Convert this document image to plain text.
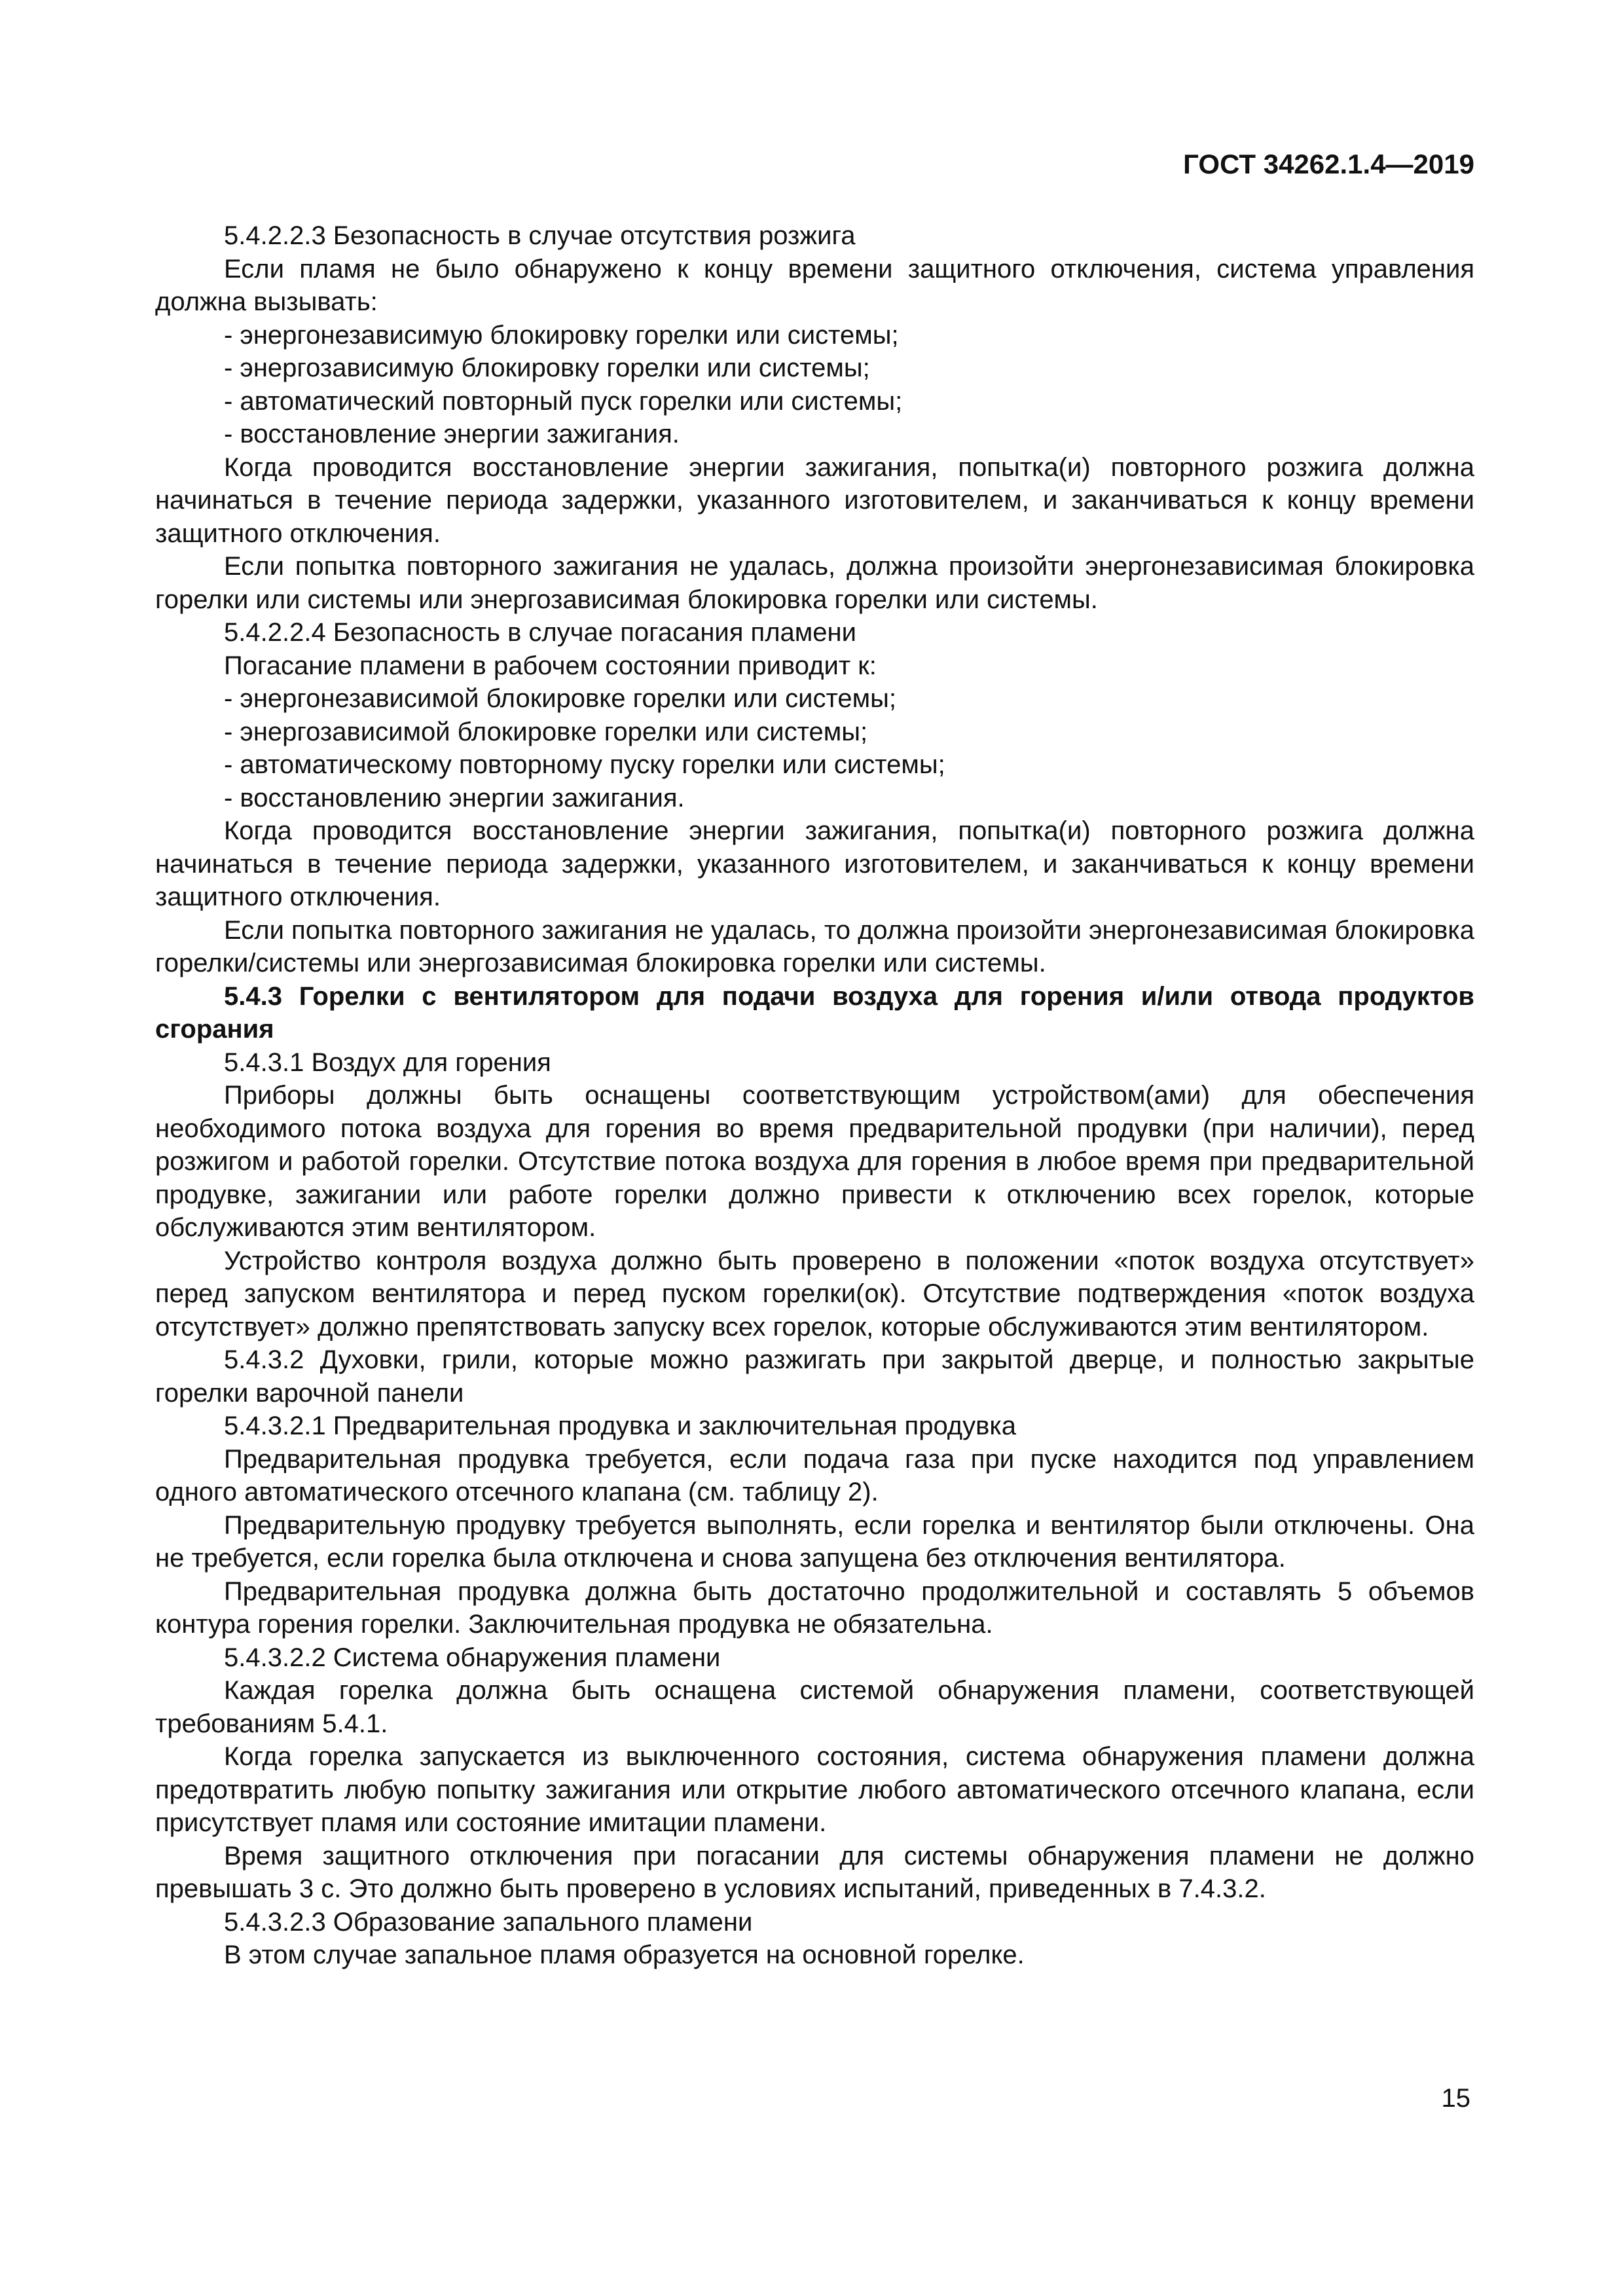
ГОСТ 34262.1.4—2019
5.4.2.2.3 Безопасность в случае отсутствия розжига
Если пламя не было обнаружено к концу времени защитного отключения, система управления должна вызывать:
- энергонезависимую блокировку горелки или системы;
- энергозависимую блокировку горелки или системы;
- автоматический повторный пуск горелки или системы;
- восстановление энергии зажигания.
Когда проводится восстановление энергии зажигания, попытка(и) повторного розжига должна начинаться в течение периода задержки, указанного изготовителем, и заканчиваться к концу времени защитного отключения.
Если попытка повторного зажигания не удалась, должна произойти энергонезависимая блокировка горелки или системы или энергозависимая блокировка горелки или системы.
5.4.2.2.4 Безопасность в случае погасания пламени
Погасание пламени в рабочем состоянии приводит к:
- энергонезависимой блокировке горелки или системы;
- энергозависимой блокировке горелки или системы;
- автоматическому повторному пуску горелки или системы;
- восстановлению энергии зажигания.
Когда проводится восстановление энергии зажигания, попытка(и) повторного розжига должна начинаться в течение периода задержки, указанного изготовителем, и заканчиваться к концу времени защитного отключения.
Если попытка повторного зажигания не удалась, то должна произойти энергонезависимая блокировка горелки/системы или энергозависимая блокировка горелки или системы.
5.4.3 Горелки с вентилятором для подачи воздуха для горения и/или отвода продуктов сгорания
5.4.3.1 Воздух для горения
Приборы должны быть оснащены соответствующим устройством(ами) для обеспечения необходимого потока воздуха для горения во время предварительной продувки (при наличии), перед розжигом и работой горелки. Отсутствие потока воздуха для горения в любое время при предварительной продувке, зажигании или работе горелки должно привести к отключению всех горелок, которые обслуживаются этим вентилятором.
Устройство контроля воздуха должно быть проверено в положении «поток воздуха отсутствует» перед запуском вентилятора и перед пуском горелки(ок). Отсутствие подтверждения «поток воздуха отсутствует» должно препятствовать запуску всех горелок, которые обслуживаются этим вентилятором.
5.4.3.2 Духовки, грили, которые можно разжигать при закрытой дверце, и полностью закрытые горелки варочной панели
5.4.3.2.1 Предварительная продувка и заключительная продувка
Предварительная продувка требуется, если подача газа при пуске находится под управлением одного автоматического отсечного клапана (см. таблицу 2).
Предварительную продувку требуется выполнять, если горелка и вентилятор были отключены. Она не требуется, если горелка была отключена и снова запущена без отключения вентилятора.
Предварительная продувка должна быть достаточно продолжительной и составлять 5 объемов контура горения горелки. Заключительная продувка не обязательна.
5.4.3.2.2 Система обнаружения пламени
Каждая горелка должна быть оснащена системой обнаружения пламени, соответствующей требованиям 5.4.1.
Когда горелка запускается из выключенного состояния, система обнаружения пламени должна предотвратить любую попытку зажигания или открытие любого автоматического отсечного клапана, если присутствует пламя или состояние имитации пламени.
Время защитного отключения при погасании для системы обнаружения пламени не должно превышать 3 с. Это должно быть проверено в условиях испытаний, приведенных в 7.4.3.2.
5.4.3.2.3 Образование запального пламени
В этом случае запальное пламя образуется на основной горелке.
15
